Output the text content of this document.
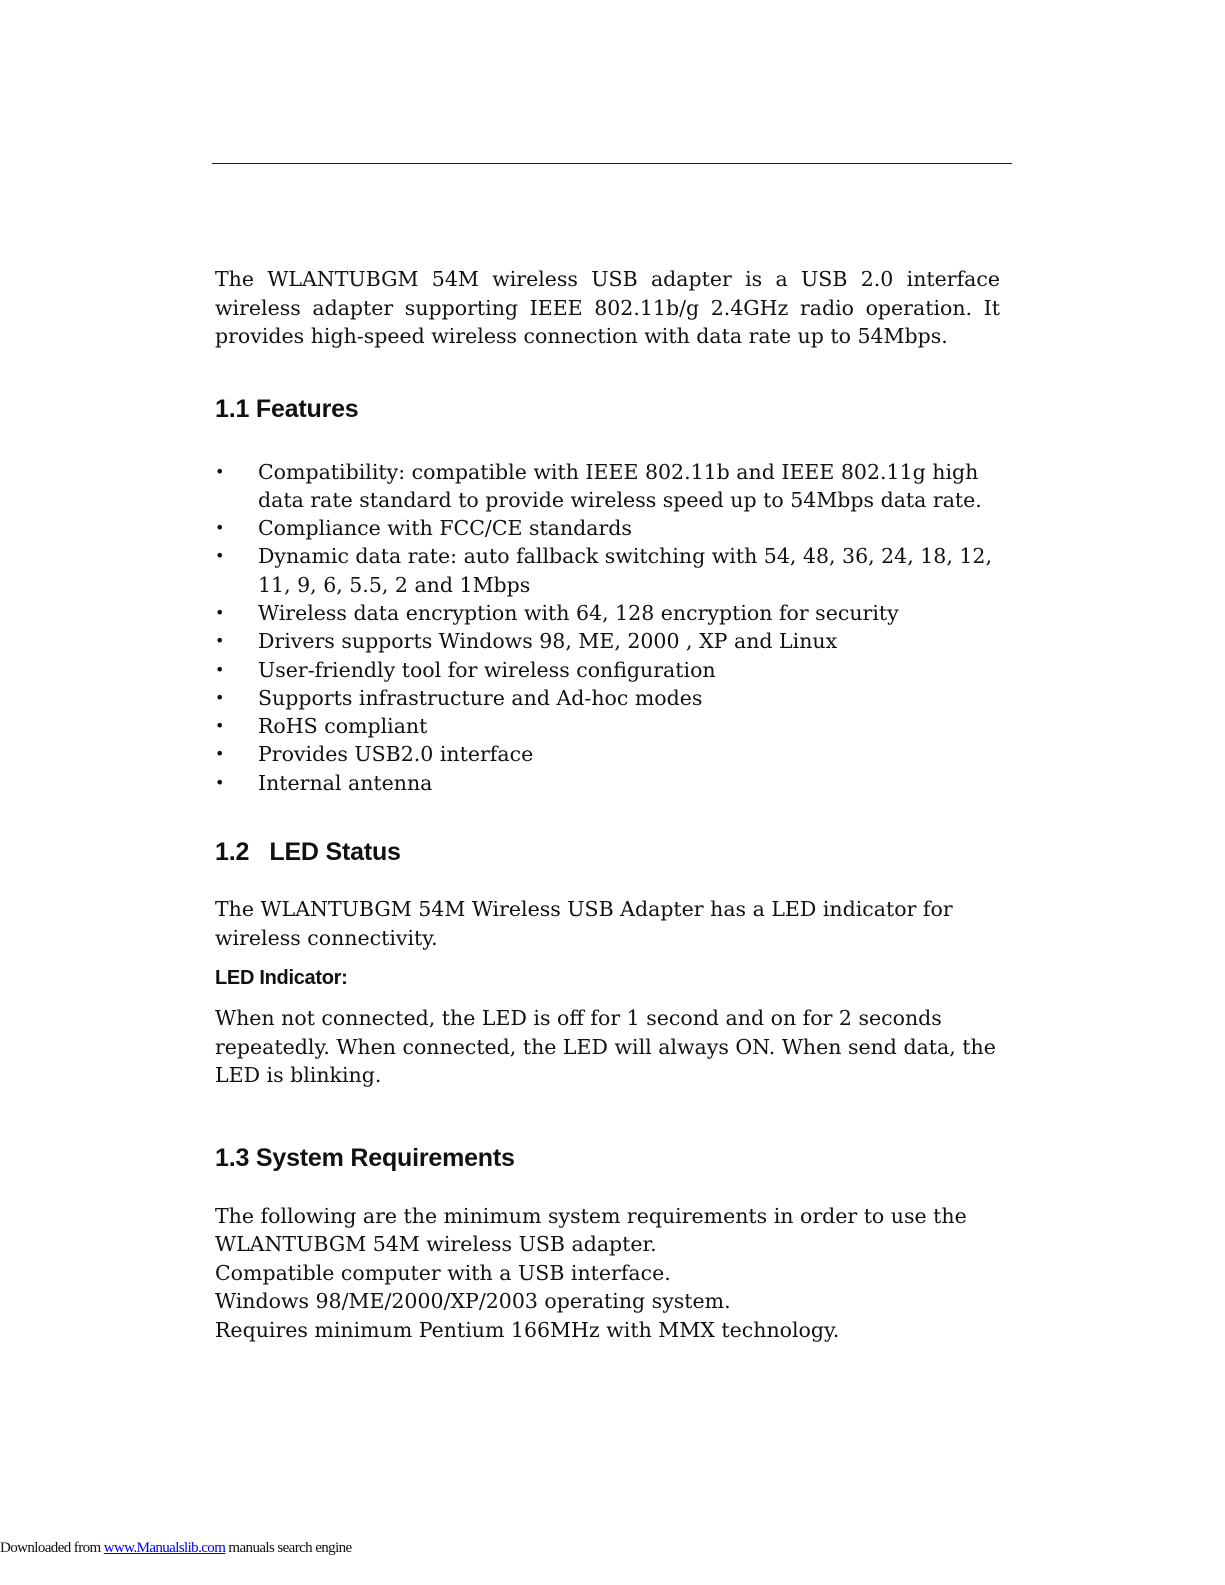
The WLANTUBGM 54M wireless USB adapter is a USB 2.0 interface wireless adapter supporting IEEE 802.11b/g 2.4GHz radio operation. It provides high-speed wireless connection with data rate up to 54Mbps.

1.1 Features
• Compatibility: compatible with IEEE 802.11b and IEEE 802.11g high data rate standard to provide wireless speed up to 54Mbps data rate.
• Compliance with FCC/CE standards
• Dynamic data rate: auto fallback switching with 54, 48, 36, 24, 18, 12, 11, 9, 6, 5.5, 2 and 1Mbps
• Wireless data encryption with 64, 128 encryption for security
• Drivers supports Windows 98, ME, 2000 , XP and Linux
• User-friendly tool for wireless configuration
• Supports infrastructure and Ad-hoc modes
• RoHS compliant
• Provides USB2.0 interface
• Internal antenna
1.2   LED Status

The WLANTUBGM 54M Wireless USB Adapter has a LED indicator for wireless connectivity.

LED Indicator:

When not connected, the LED is off for 1 second and on for 2 seconds repeatedly. When connected, the LED will always ON. When send data, the LED is blinking.

1.3 System Requirements

The following are the minimum system requirements in order to use the

WLANTUBGM 54M wireless USB adapter.

Compatible computer with a USB interface.

Windows 98/ME/2000/XP/2003 operating system.

Requires minimum Pentium 166MHz with MMX technology.

Downloaded from www.Manualslib.com manuals search engine
